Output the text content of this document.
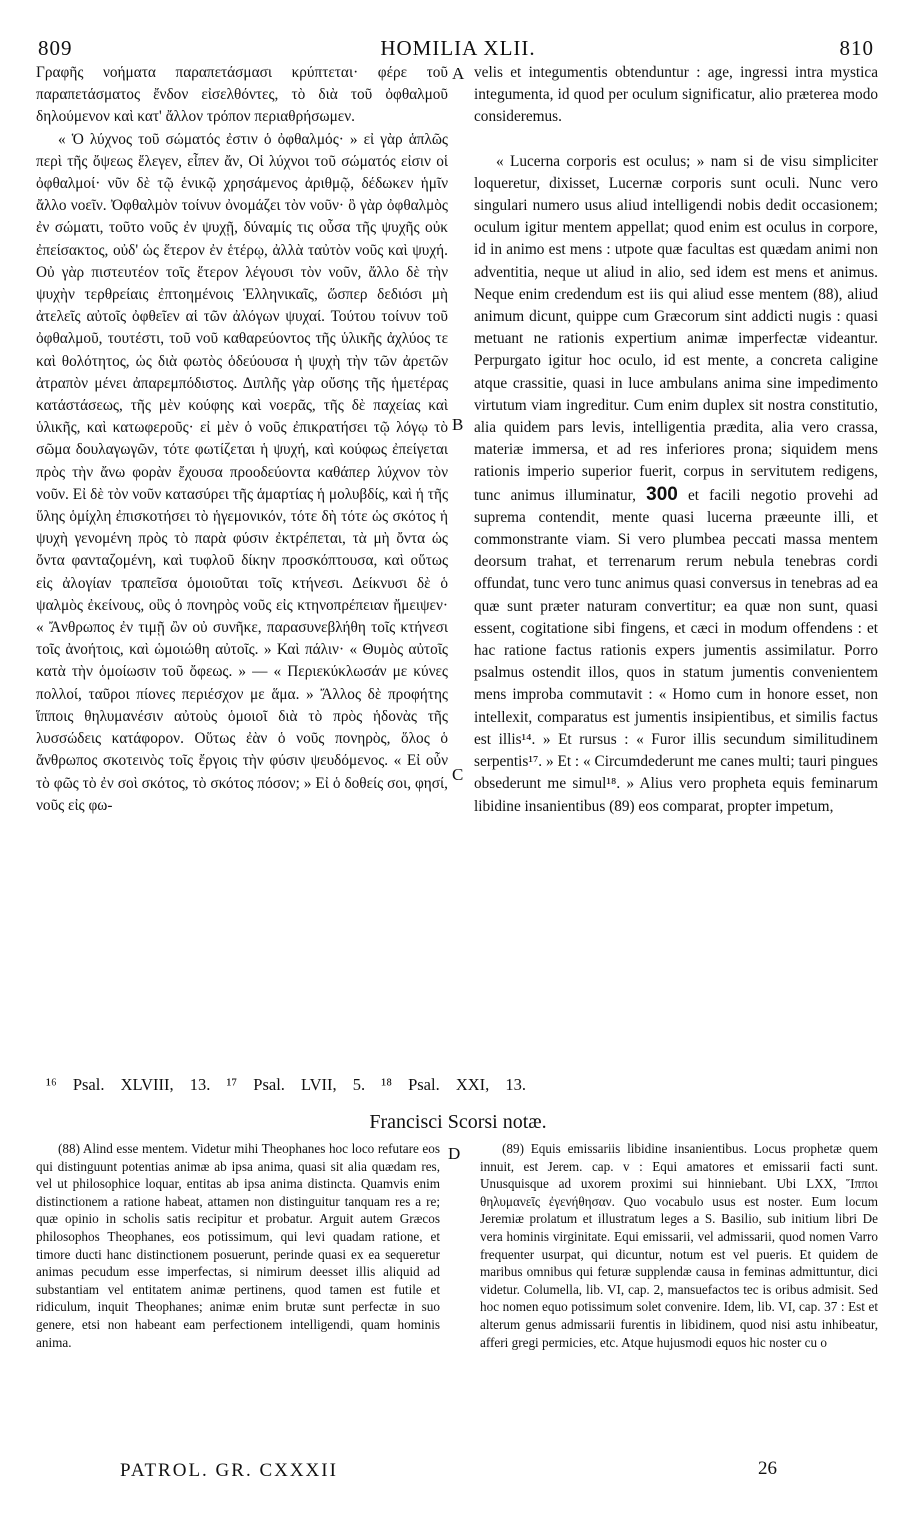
809	HOMILIA XLII.	810

Γραφῆς νοήματα παραπετάσμασι κρύπτεται· φέρε τοῦ παραπετάσματος ἔνδον εἰσελθόντες, τὸ διὰ τοῦ ὀφθαλμοῦ δηλούμενον καὶ κατ' ἄλλον τρόπον περιαθρήσωμεν.

« Ὁ λύχνος τοῦ σώματός ἐστιν ὁ ὀφθαλμός· » εἰ γὰρ ἁπλῶς περὶ τῆς ὄψεως ἔλεγεν, εἶπεν ἄν, Οἱ λύχνοι τοῦ σώματός εἰσιν οἱ ὀφθαλμοί· νῦν δὲ τῷ ἑνικῷ χρησάμενος ἀριθμῷ, δέδωκεν ἡμῖν ἄλλο νοεῖν. Ὀφθαλμὸν τοίνυν ὀνομάζει τὸν νοῦν· ὃ γὰρ ὀφθαλμὸς ἐν σώματι, τοῦτο νοῦς ἐν ψυχῇ, δύναμίς τις οὖσα τῆς ψυχῆς οὐκ ἐπείσακτος, οὐδ' ὡς ἕτερον ἐν ἑτέρῳ, ἀλλὰ ταὐτὸν νοῦς καὶ ψυχή. Οὐ γὰρ πιστευτέον τοῖς ἕτερον λέγουσι τὸν νοῦν, ἄλλο δὲ τὴν ψυχὴν τερθρείαις ἐπτοημένοις Ἑλληνικαῖς, ὥσπερ δεδιόσι μὴ ἀτελεῖς αὐτοῖς ὀφθεῖεν αἱ τῶν ἀλόγων ψυχαί. Τούτου τοίνυν τοῦ ὀφθαλμοῦ, τουτέστι, τοῦ νοῦ καθαρεύοντος τῆς ὑλικῆς ἀχλύος τε καὶ θολότητος, ὡς διὰ φωτὸς ὁδεύουσα ἡ ψυχὴ τὴν τῶν ἀρετῶν ἀτραπὸν μένει ἀπαρεμπόδιστος. Διπλῆς γὰρ οὔσης τῆς ἡμετέρας κατάστάσεως, τῆς μὲν κούφης καὶ νοερᾶς, τῆς δὲ παχείας καὶ ὑλικῆς, καὶ κατωφεροῦς· εἰ μὲν ὁ νοῦς ἐπικρατήσει τῷ λόγῳ τὸ σῶμα δουλαγωγῶν, τότε φωτίζεται ἡ ψυχή, καὶ κούφως ἐπείγεται πρὸς τὴν ἄνω φορὰν ἔχουσα προοδεύοντα καθάπερ λύχνον τὸν νοῦν. Εἰ δὲ τὸν νοῦν κατασύρει τῆς ἁμαρτίας ἡ μολυβδίς, καὶ ἡ τῆς ὕλης ὁμίχλη ἐπισκοτήσει τὸ ἡγεμονικόν, τότε δὴ τότε ὡς σκότος ἡ ψυχὴ γενομένη πρὸς τὸ παρὰ φύσιν ἐκτρέπεται, τὰ μὴ ὄντα ὡς ὄντα φανταζομένη, καὶ τυφλοῦ δίκην προσκόπτουσα, καὶ οὕτως εἰς ἀλογίαν τραπεῖσα ὁμοιοῦται τοῖς κτήνεσι. Δείκνυσι δὲ ὁ ψαλμὸς ἐκείνους, οὓς ὁ πονηρὸς νοῦς εἰς κτηνοπρέπειαν ἤμειψεν· « Ἄνθρωπος ἐν τιμῇ ὢν οὐ συνῆκε, παρασυνεβλήθη τοῖς κτήνεσι τοῖς ἀνοήτοις, καὶ ὡμοιώθη αὐτοῖς. » Καὶ πάλιν· « Θυμὸς αὐτοῖς κατὰ τὴν ὁμοίωσιν τοῦ ὄφεως. » — « Περιεκύκλωσάν με κύνες πολλοί, ταῦροι πίονες περιέσχον με ἅμα. » Ἄλλος δὲ προφήτης ἵπποις θηλυμανέσιν αὐτοὺς ὁμοιοῖ διὰ τὸ πρὸς ἡδονὰς τῆς λυσσώδεις κατάφορον. Οὕτως ἐὰν ὁ νοῦς πονηρὸς, ὅλος ὁ ἄνθρωπος σκοτεινὸς τοῖς ἔργοις τὴν φύσιν ψευδόμενος. « Εἰ οὖν τὸ φῶς τὸ ἐν σοὶ σκότος, τὸ σκότος πόσον; » Εἰ ὁ δοθείς σοι, φησί, νοῦς εἰς φω-

A
B
C
D

velis et integumentis obtenduntur : age, ingressi intra mystica integumenta, id quod per oculum significatur, alio præterea modo consideremus.

« Lucerna corporis est oculus; » nam si de visu simpliciter loqueretur, dixisset, Lucernæ corporis sunt oculi. Nunc vero singulari numero usus aliud intelligendi nobis dedit occasionem; oculum igitur mentem appellat; quod enim est oculus in corpore, id in animo est mens : utpote quæ facultas est quædam animi non adventitia, neque ut aliud in alio, sed idem est mens et animus. Neque enim credendum est iis qui aliud esse mentem (88), aliud animum dicunt, quippe cum Græcorum sint addicti nugis : quasi metuant ne rationis expertium animæ imperfectæ videantur. Perpurgato igitur hoc oculo, id est mente, a concreta caligine atque crassitie, quasi in luce ambulans anima sine impedimento virtutum viam ingreditur. Cum enim duplex sit nostra constitutio, alia quidem pars levis, intelligentia prædita, alia vero crassa, materiæ immersa, et ad res inferiores prona; siquidem mens rationis imperio superior fuerit, corpus in servitutem redigens, tunc animus illuminatur, 300 et facili negotio provehi ad suprema contendit, mente quasi lucerna præeunte illi, et commonstrante viam. Si vero plumbea peccati massa mentem deorsum trahat, et terrenarum rerum nebula tenebras cordi offundat, tunc vero tunc animus quasi conversus in tenebras ad ea quæ sunt præter naturam convertitur; ea quæ non sunt, quasi essent, cogitatione sibi fingens, et cæci in modum offendens : et hac ratione factus rationis expers jumentis assimilatur. Porro psalmus ostendit illos, quos in statum jumentis convenientem mens improba commutavit : « Homo cum in honore esset, non intellexit, comparatus est jumentis insipientibus, et similis factus est illis¹⁴. » Et rursus : « Furor illis secundum similitudinem serpentis¹⁷. » Et : « Circumdederunt me canes multi; tauri pingues obsederunt me simul¹⁸. » Alius vero propheta equis feminarum libidine insanientibus (89) eos comparat, propter impetum,

¹⁶ Psal. XLVIII, 13. ¹⁷ Psal. LVII, 5. ¹⁸ Psal. XXI, 13.
Francisci Scorsi notæ.

(88) Alind esse mentem. Videtur mihi Theophanes hoc loco refutare eos qui distinguunt potentias animæ ab ipsa anima, quasi sit alia quædam res, vel ut philosophice loquar, entitas ab ipsa anima distincta. Quamvis enim distinctionem a ratione habeat, attamen non distinguitur tanquam res a re; quæ opinio in scholis satis recipitur et probatur. Arguit autem Græcos philosophos Theophanes, eos potissimum, qui levi quadam ratione, et timore ducti hanc distinctionem posuerunt, perinde quasi ex ea sequeretur animas pecudum esse imperfectas, si nimirum deesset illis aliquid ad substantiam vel entitatem animæ pertinens, quod tamen est futile et ridiculum, inquit Theophanes; animæ enim brutæ sunt perfectæ in suo genere, etsi non habeant eam perfectionem intelligendi, quam hominis anima.

(89) Equis emissariis libidine insanientibus. Locus prophetæ quem innuit, est Jerem. cap. v : Equi amatores et emissarii facti sunt. Unusquisque ad uxorem proximi sui hinniebant. Ubi LXX, Ἵπποι θηλυμανεῖς ἐγενήθησαν. Quo vocabulo usus est noster. Eum locum Jeremiæ prolatum et illustratum leges a S. Basilio, sub initium libri De vera hominis virginitate. Equi emissarii, vel admissarii, quod nomen Varro frequenter usurpat, qui dicuntur, notum est vel pueris. Et quidem de maribus omnibus qui feturæ supplendæ causa in feminas admittuntur, dici videtur. Columella, lib. VI, cap. 2, mansuefactos tec is oribus admisit. Sed hoc nomen equo potissimum solet convenire. Idem, lib. VI, cap. 37 : Est et alterum genus admissarii furentis in libidinem, quod nisi astu inhibeatur, afferi gregi permicies, etc. Atque hujusmodi equos hic noster cu o

PATROL. GR. CXXXII	26
